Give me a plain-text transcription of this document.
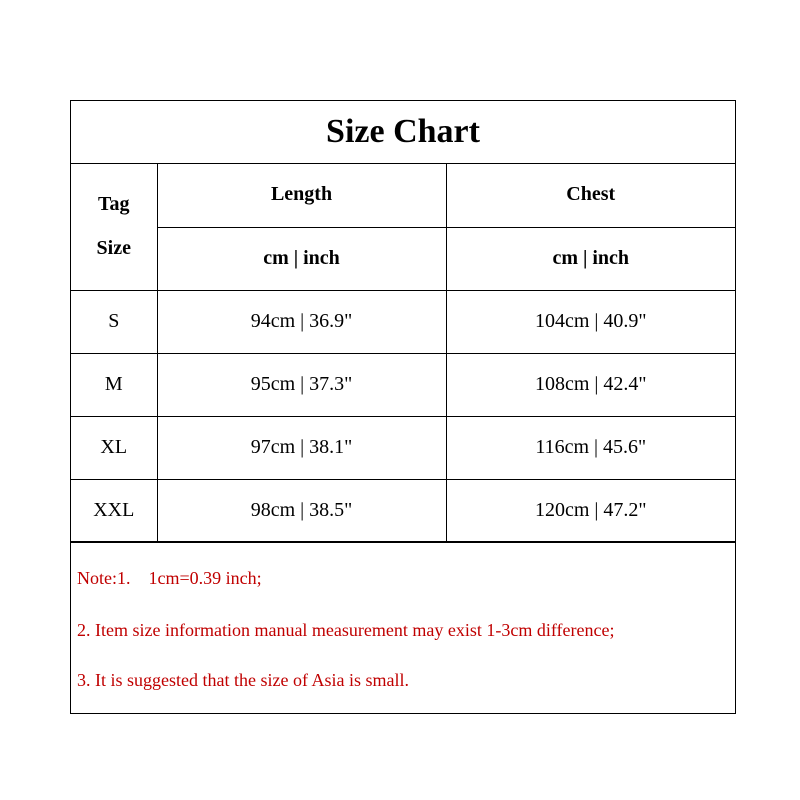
Size Chart
Tag
Size	Length	Chest
	cm | inch	cm | inch
S	94cm | 36.9"	104cm | 40.9"
M	95cm | 37.3"	108cm | 42.4"
XL	97cm | 38.1"	116cm | 45.6"
XXL	98cm | 38.5"	120cm | 47.2"
Note:1.    1cm=0.39 inch;
2. Item size information manual measurement may exist 1-3cm difference;
3. It is suggested that the size of Asia is small.
